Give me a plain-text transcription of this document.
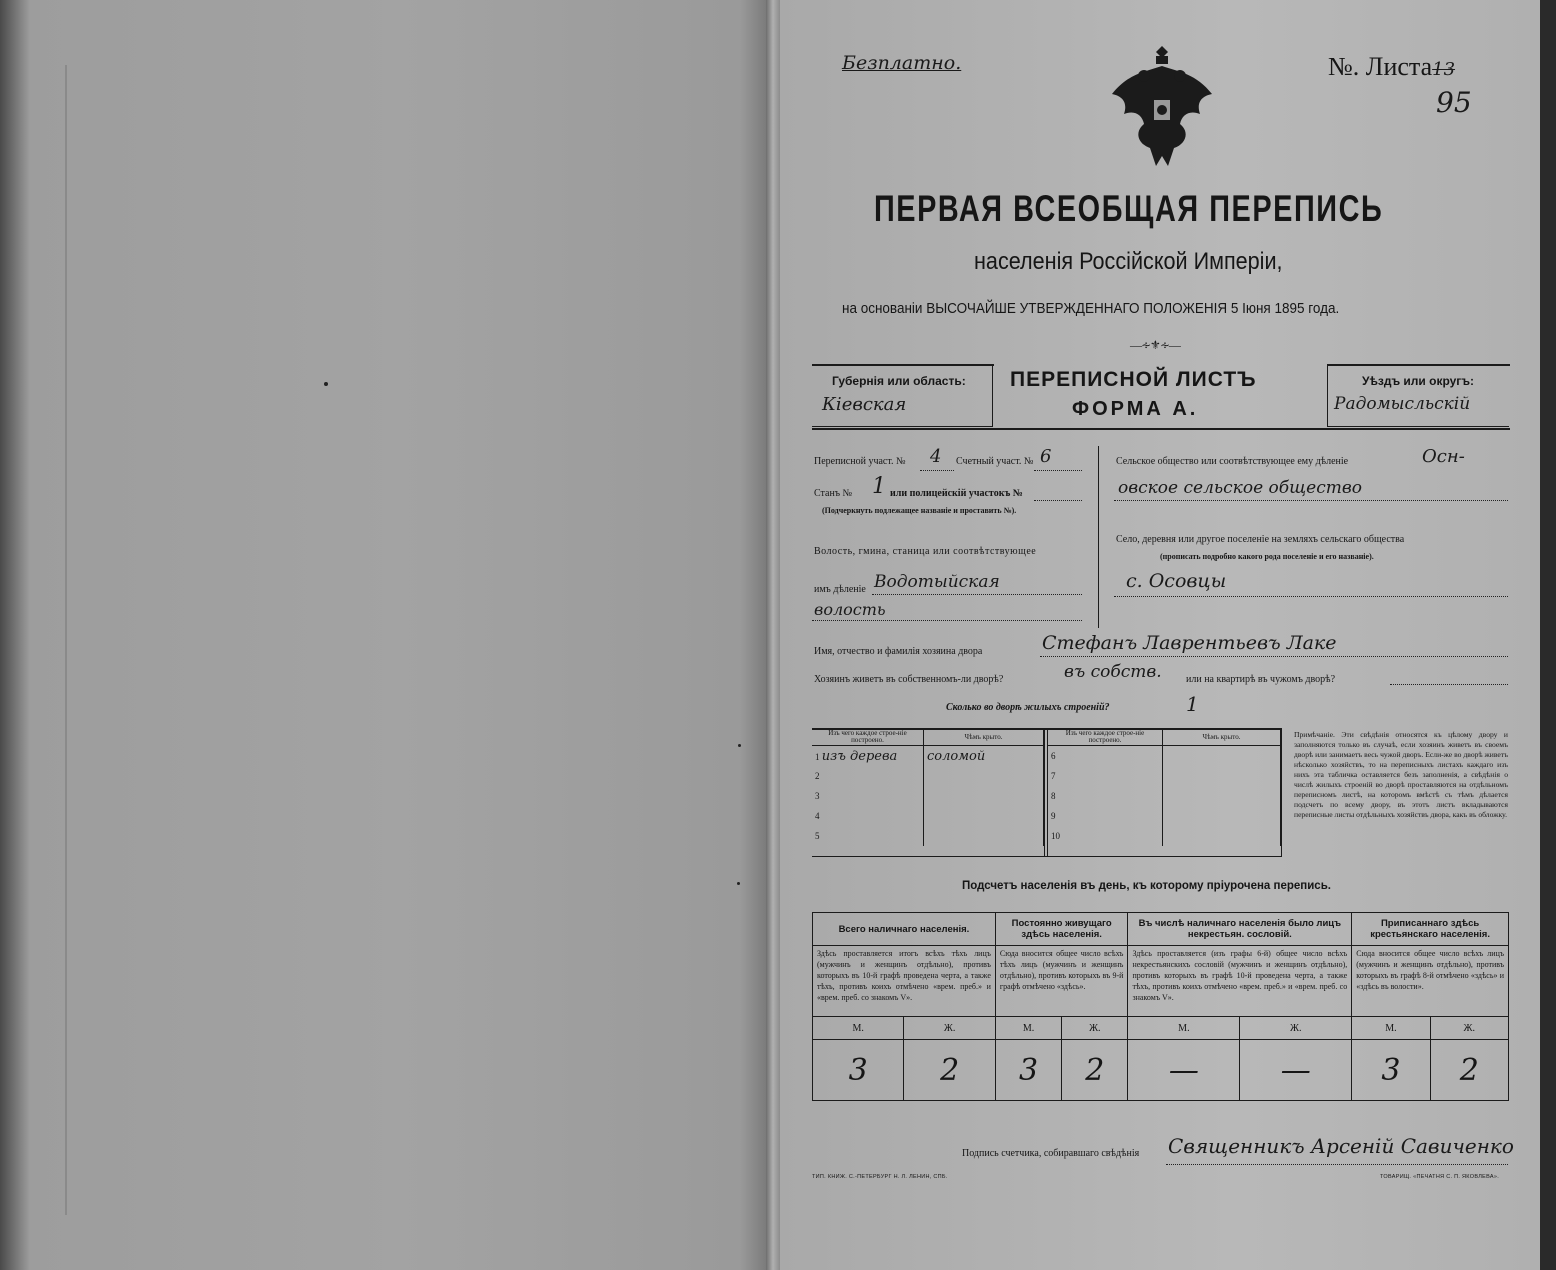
Безплатно.	№. Листа13
95
ПЕРВАЯ ВСЕОБЩАЯ ПЕРЕПИСЬ
населенія Россійской Имперіи,
на основаніи ВЫСОЧАЙШЕ УТВЕРЖДЕННАГО ПОЛОЖЕНІЯ 5 Іюня 1895 года.
—∻⚜∻—
Губернія или область:
Кіевская
ПЕРЕПИСНОЙ ЛИСТЪ
ФОРМА А.
Уѣздъ или округъ:
Радомысльскій
Переписной участ. № 4 Счетный участ. № 6
Станъ № 1 или полицейскій участокъ №
(Подчеркнуть подлежащее названіе и проставить №).
Волость, гмина, станица или соотвѣтствующее
имъ дѣленіе Водотыйская
волость
Сельское общество или соотвѣтствующее ему дѣленіе	Осн-
овское сельское общество
Село, деревня или другое поселеніе на земляхъ сельскаго общества
(прописать подробно какого рода поселеніе и его названіе).
с. Осовцы
Имя, отчество и фамилія хозяина двора	Стефанъ Лаврентьевъ Лаке
Хозяинъ живетъ въ собственномъ-ли дворѣ?	въ собств. или на квартирѣ въ чужомъ дворѣ?
Сколько во дворѣ жилыхъ строеній?	1
Изъ чего каждое строе-ніе построено.	Чѣмъ крыто.
1 изъ дерева	соломой
2	
3	
4	
5	
Изъ чего каждое строе-ніе построено.	Чѣмъ крыто.
6	
7	
8	
9	
10	
Примѣчаніе. Эти свѣдѣнія относятся къ цѣлому двору и заполняются только въ случаѣ, если хозяинъ живетъ въ своемъ дворѣ или занимаетъ весь чужой дворъ. Если-же во дворѣ живетъ нѣсколько хозяйствъ, то на переписныхъ листахъ каждаго изъ нихъ эта табличка оставляется безъ заполненія, а свѣдѣнія о числѣ жилыхъ строеній во дворѣ проставляются на отдѣльномъ переписномъ листѣ, на которомъ вмѣстѣ съ тѣмъ дѣлается подсчетъ по всему двору, въ этотъ листъ вкладываются переписные листы отдѣльныхъ хозяйствъ двора, какъ въ обложку.
Подсчетъ населенія въ день, къ которому пріурочена перепись.
Всего наличнаго населенія.		Постоянно живущаго здѣсь населенія.		Въ числѣ наличнаго населенія было лицъ некрестьян. сословій.		Приписаннаго здѣсь крестьянскаго населенія.	
Здѣсь проставляется итогъ всѣхъ тѣхъ лицъ (мужчинъ и женщинъ отдѣльно), противъ которыхъ въ 10-й графѣ проведена черта, а также тѣхъ, противъ коихъ отмѣчено «врем. преб.» и «врем. преб. со знакомъ V».		Сюда вносится общее число всѣхъ тѣхъ лицъ (мужчинъ и женщинъ отдѣльно), противъ которыхъ въ 9-й графѣ отмѣчено «здѣсь».		Здѣсь проставляется (изъ графы 6-й) общее число всѣхъ некрестьянскихъ сословій (мужчинъ и женщинъ отдѣльно), противъ которыхъ въ графѣ 10-й проведена черта, а также тѣхъ, противъ коихъ отмѣчено «врем. преб.» и «врем. преб. со знакомъ V».		Сюда вносится общее число всѣхъ лицъ (мужчинъ и женщинъ отдѣльно), противъ которыхъ въ графѣ 8-й отмѣчено «здѣсь» и «здѣсь въ волости».	
М.	Ж.	М.	Ж.	М.	Ж.	М.	Ж.
3	2	3	2	—	—	3	2
Подпись счетчика, собиравшаго свѣдѣнія Священникъ Арсеній Савиченко
ТИП. КНИЖ. С.-ПЕТЕРБУРГ Н. Л. ЛЕНИН, СПБ.	ТОВАРИЩ. «ПЕЧАТНЯ С. П. ЯКОВЛЕВА».
